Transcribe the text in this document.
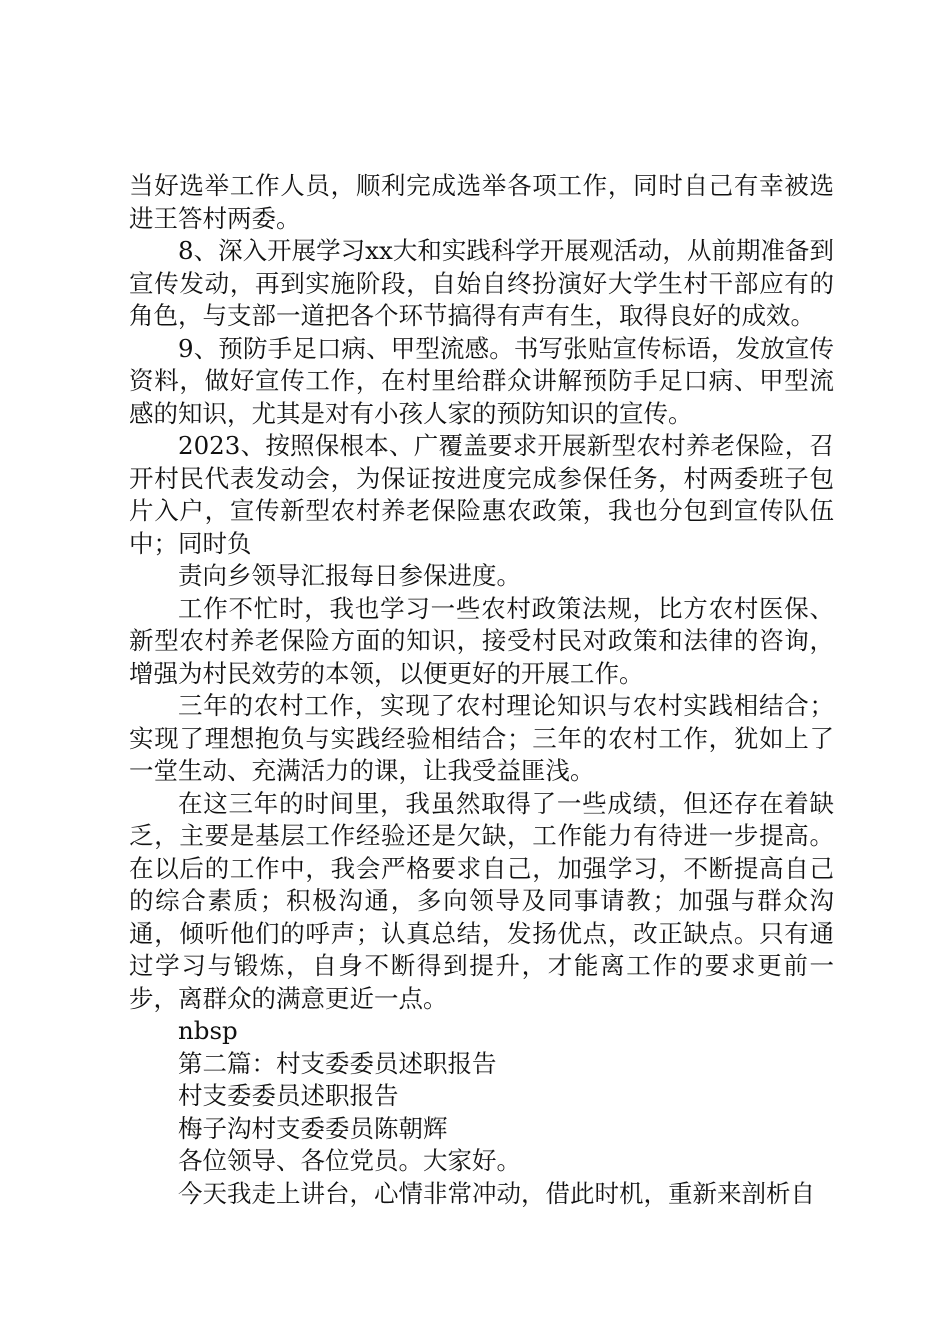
当好选举工作人员，顺利完成选举各项工作，同时自己有幸被选进王答村两委。

8、深入开展学习xx大和实践科学开展观活动，从前期准备到宣传发动，再到实施阶段，自始自终扮演好大学生村干部应有的角色，与支部一道把各个环节搞得有声有生，取得良好的成效。

9、预防手足口病、甲型流感。书写张贴宣传标语，发放宣传资料，做好宣传工作，在村里给群众讲解预防手足口病、甲型流感的知识，尤其是对有小孩人家的预防知识的宣传。

2023、按照保根本、广覆盖要求开展新型农村养老保险，召开村民代表发动会，为保证按进度完成参保任务，村两委班子包片入户，宣传新型农村养老保险惠农政策，我也分包到宣传队伍中；同时负

责向乡领导汇报每日参保进度。

工作不忙时，我也学习一些农村政策法规，比方农村医保、新型农村养老保险方面的知识，接受村民对政策和法律的咨询，增强为村民效劳的本领，以便更好的开展工作。

三年的农村工作，实现了农村理论知识与农村实践相结合；实现了理想抱负与实践经验相结合；三年的农村工作，犹如上了一堂生动、充满活力的课，让我受益匪浅。

在这三年的时间里，我虽然取得了一些成绩，但还存在着缺乏，主要是基层工作经验还是欠缺，工作能力有待进一步提高。在以后的工作中，我会严格要求自己，加强学习，不断提高自己的综合素质；积极沟通，多向领导及同事请教；加强与群众沟通，倾听他们的呼声；认真总结，发扬优点，改正缺点。只有通过学习与锻炼，自身不断得到提升，才能离工作的要求更前一步，离群众的满意更近一点。

nbsp

第二篇：村支委委员述职报告

村支委委员述职报告

梅子沟村支委委员陈朝辉

各位领导、各位党员。大家好。

今天我走上讲台，心情非常冲动，借此时机，重新来剖析自
